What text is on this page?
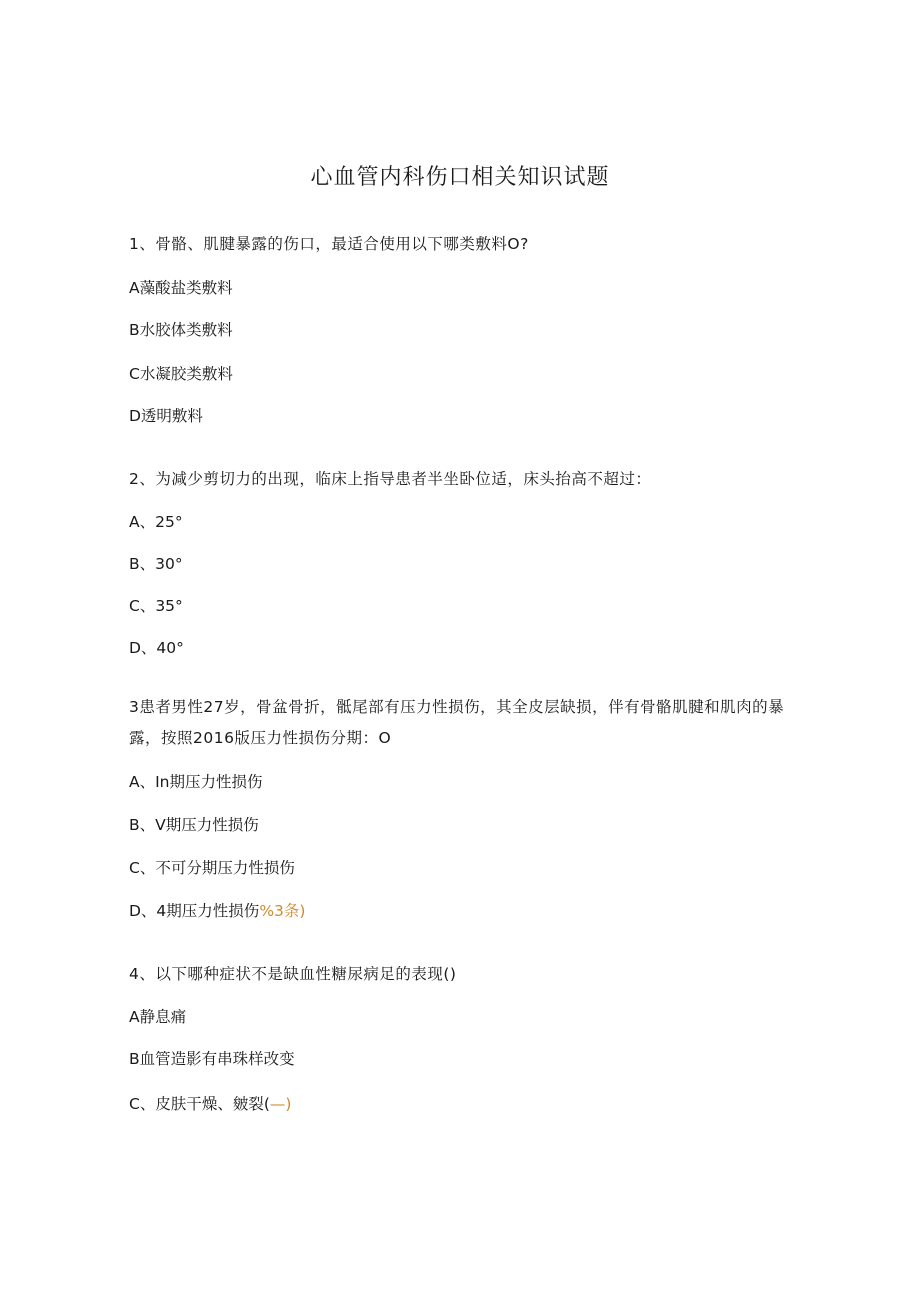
心血管内科伤口相关知识试题
1、骨骼、肌腱暴露的伤口，最适合使用以下哪类敷料O?
A藻酸盐类敷料
B水胶体类敷料
C水凝胶类敷料
D透明敷料
2、为减少剪切力的出现，临床上指导患者半坐卧位适，床头抬高不超过：
A、25°
B、30°
C、35°
D、40°
3患者男性27岁，骨盆骨折，骶尾部有压力性损伤，其全皮层缺损，伴有骨骼肌腱和肌肉的暴露，按照2016版压力性损伤分期：O
A、In期压力性损伤
B、V期压力性损伤
C、不可分期压力性损伤
D、4期压力性损伤%3条)
4、以下哪种症状不是缺血性糖尿病足的表现()
A静息痛
B血管造影有串珠样改变
C、皮肤干燥、皴裂(—)
